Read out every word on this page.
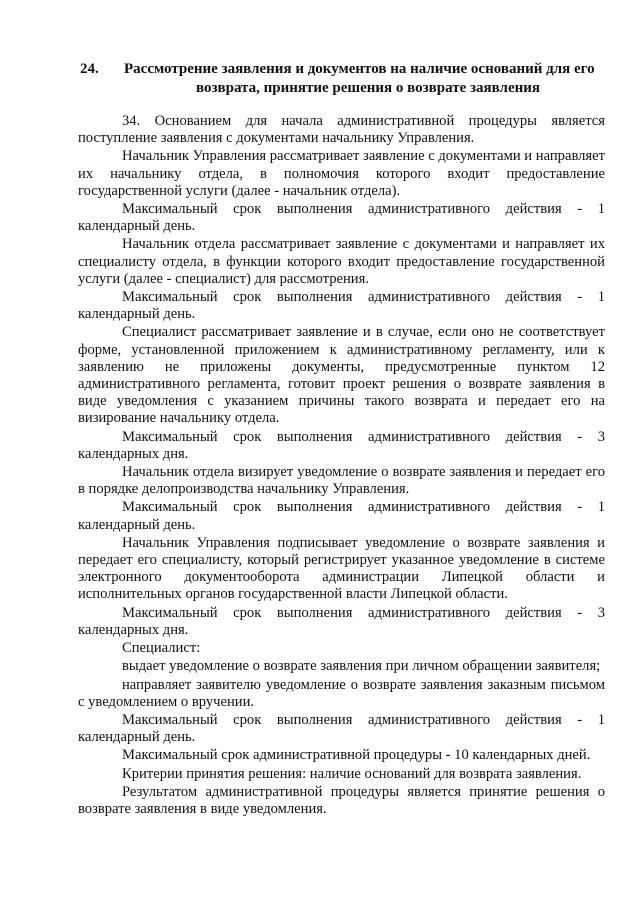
24. Рассмотрение заявления и документов на наличие оснований для его
возврата, принятие решения о возврате заявления

34. Основанием для начала административной процедуры является поступление заявления с документами начальнику Управления.

Начальник Управления рассматривает заявление с документами и направляет их начальнику отдела, в полномочия которого входит предоставление государственной услуги (далее - начальник отдела).

Максимальный срок выполнения административного действия - 1 календарный день.

Начальник отдела рассматривает заявление с документами и направляет их специалисту отдела, в функции которого входит предоставление государственной услуги (далее - специалист) для рассмотрения.

Максимальный срок выполнения административного действия - 1 календарный день.

Специалист рассматривает заявление и в случае, если оно не соответствует форме, установленной приложением к административному регламенту, или к заявлению не приложены документы, предусмотренные пунктом 12 административного регламента, готовит проект решения о возврате заявления в виде уведомления с указанием причины такого возврата и передает его на визирование начальнику отдела.

Максимальный срок выполнения административного действия - 3 календарных дня.

Начальник отдела визирует уведомление о возврате заявления и передает его в порядке делопроизводства начальнику Управления.

Максимальный срок выполнения административного действия - 1 календарный день.

Начальник Управления подписывает уведомление о возврате заявления и передает его специалисту, который регистрирует указанное уведомление в системе электронного документооборота администрации Липецкой области и исполнительных органов государственной власти Липецкой области.

Максимальный срок выполнения административного действия - 3 календарных дня.

Специалист:

выдает уведомление о возврате заявления при личном обращении заявителя;

направляет заявителю уведомление о возврате заявления заказным письмом с уведомлением о вручении.

Максимальный срок выполнения административного действия - 1 календарный день.

Максимальный срок административной процедуры - 10 календарных дней.

Критерии принятия решения: наличие оснований для возврата заявления.

Результатом административной процедуры является принятие решения о возврате заявления в виде уведомления.
